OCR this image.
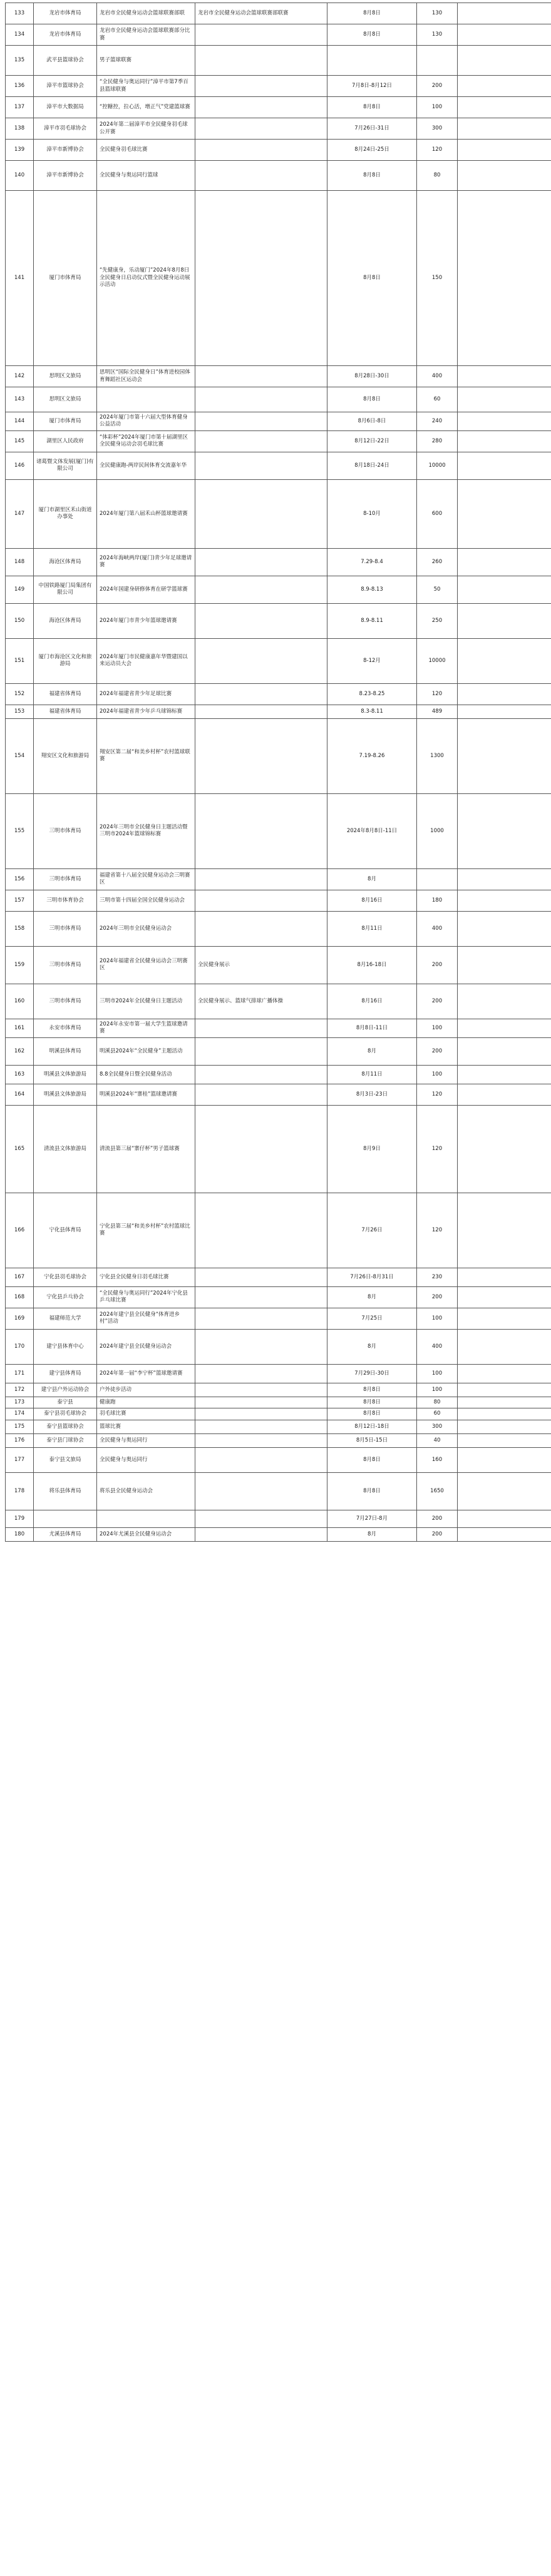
133	龙岩市体育局	龙岩市全民健身运动会篮球联赛部联	龙岩市全民健身运动会篮球联赛部联赛	8月8日	130	
134	龙岩市体育局	龙岩市全民健身运动会篮球联赛部分比赛		8月8日	130	
135	武平县篮球协会	男子篮球联赛				
136	漳平市篮球协会	“全民健身与奥运同行”漳平市第7季百县篮球联赛		7月8日-8月12日	200	
137	漳平市大数据局	“控糖控，拉心活，增正气”党建篮球赛		8月8日	100	
138	漳平市羽毛球协会	2024年第二届漳平市全民健身羽毛球公开赛		7月26日-31日	300	
139	漳平市新博协会	全民健身羽毛球比赛		8月24日-25日	120	
140	漳平市新博协会	全民健身与奥运同行篮球		8月8日	80	
141	厦门市体育局	“先健康身，乐动厦门”2024年8月8日全民健身日启动仪式暨全民健身运动展示活动		8月8日	150	
142	思明区文旅局	思明区“国际全民健身日”体育进校园体育舞蹈社区运动会		8月28日-30日	400	
143	思明区文旅局			8月8日	60	
144	厦门市体育局	2024年厦门市第十六届大型体育健身公益活动		8月6日-8日	240	
145	湖里区人民政府	“体彩杯”2024年厦门市第十届湖里区全民健身运动会羽毛球比赛		8月12日-22日	280	
146	诸葛暨文体发展(厦门)有限公司	全民健康跑-两岸民间体育交流嘉年华		8月18日-24日	10000	
147	厦门市湖里区禾山街道办事处	2024年厦门第八届禾山杯篮球邀请赛		8-10月	600	
148	海沧区体育局	2024年海峡两岸(厦门)青少年足球邀请赛		7.29-8.4	260	
149	中国铁路厦门局集团有限公司	2024年国建身研修体育在研学篮球赛		8.9-8.13	50	
150	海沧区体育局	2024年厦门市青少年篮球邀请赛		8.9-8.11	250	
151	厦门市海沧区文化和旅游局	2024年厦门市民健康嘉年华暨建国以来运动员大会		8-12月	10000	
152	福建省体育局	2024年福建省青少年足球比赛		8.23-8.25	120	
153	福建省体育局	2024年福建省青少年乒乓球锦标赛		8.3-8.11	489	
154	翔安区文化和旅游局	翔安区第二届“和美乡村杯”农村篮球联赛		7.19-8.26	1300	
155	三明市体育局	2024年三明市全民健身日主题活动暨三明市2024年篮球锦标赛		2024年8月8日-11日	1000	
156	三明市体育局	福建省第十八届全民健身运动会三明赛区		8月		
157	三明市体育协会	三明市第十四届全国全民健身运动会		8月16日	180	
158	三明市体育局	2024年三明市全民健身运动会		8月11日	400	
159	三明市体育局	2024年福建省全民健身运动会三明赛区	全民健身展示	8月16-18日	200	
160	三明市体育局	三明市2024年全民健身日主题活动	全民健身展示、篮球气排球广播体操	8月16日	200	
161	永安市体育局	2024年永安市第一届大学生篮球邀请赛		8月8日-11日	100	
162	明溪县体育局	明溪县2024年“全民健身”主题活动		8月	200	
163	明溪县文体旅游局	8.8全民健身日暨全民健身活动		8月11日	100	
164	明溪县文体旅游局	明溪县2024年“寨桂”篮球邀请赛		8月3日-23日	120	
165	清流县文体旅游局	清流县第三届“寨仔杯”男子篮球赛		8月9日	120	
166	宁化县体育局	宁化县第三届“和美乡村杯”农村篮球比赛		7月26日	120	
167	宁化县羽毛球协会	宁化县全民健身日羽毛球比赛		7月26日-8月31日	230	
168	宁化县乒乓协会	“全民健身与奥运同行”2024年宁化县乒乓球比赛		8月	200	
169	福建师范大学	2024年建宁县全民健身“体育进乡村”活动		7月25日	100	
170	建宁县体育中心	2024年建宁县全民健身运动会		8月	400	
171	建宁县体育局	2024年第一届“李宁杯”篮球邀请赛		7月29日-30日	100	
172	建宁县户外运动协会	户外徒步活动		8月8日	100	
173	泰宁县	健康跑		8月8日	80	
174	泰宁县羽毛球协会	羽毛球比赛		8月8日	60	
175	泰宁县篮球协会	篮球比赛		8月12日-18日	300	
176	泰宁县门球协会	全民健身与奥运同行		8月5日-15日	40	
177	泰宁县文旅局	全民健身与奥运同行		8月8日	160	
178	将乐县体育局	将乐县全民健身运动会		8月8日	1650	
179				7月27日-8月	200	
180	尤溪县体育局	2024年尤溪县全民健身运动会		8月	200	
